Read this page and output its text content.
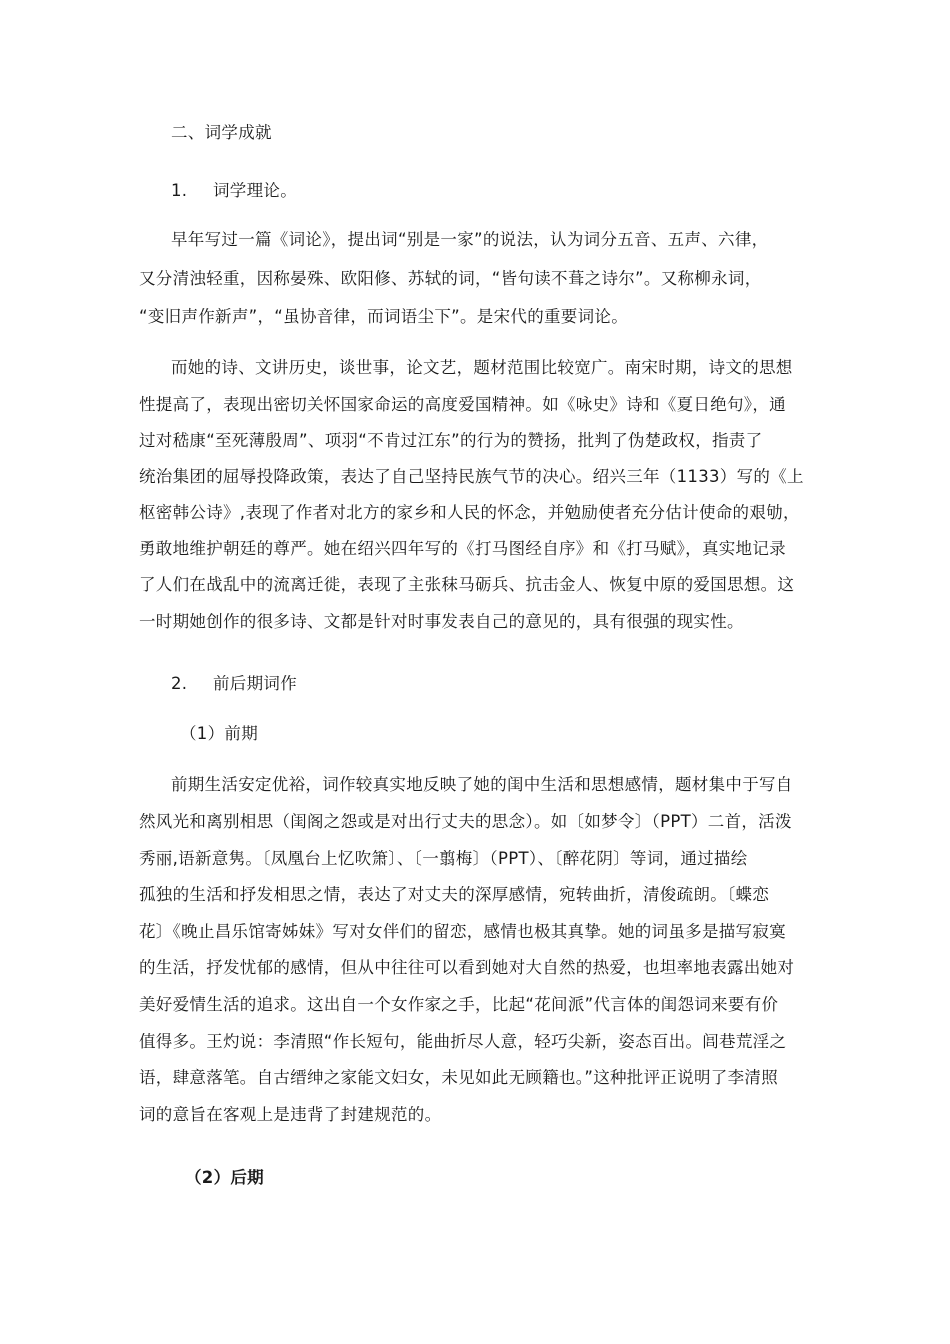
二、词学成就
1. 词学理论。
早年写过一篇《词论》，提出词“别是一家”的说法，认为词分五音、五声、六律，
又分清浊轻重，因称晏殊、欧阳修、苏轼的词，“皆句读不葺之诗尔”。又称柳永词，
“变旧声作新声”，“虽协音律，而词语尘下”。是宋代的重要词论。
而她的诗、文讲历史，谈世事，论文艺，题材范围比较宽广。南宋时期，诗文的思想
性提高了，表现出密切关怀国家命运的高度爱国精神。如《咏史》诗和《夏日绝句》，通
过对嵇康“至死薄殷周”、项羽“不肯过江东”的行为的赞扬，批判了伪楚政权，指责了
统治集团的屈辱投降政策，表达了自己坚持民族气节的决心。绍兴三年（1133）写的《上
枢密韩公诗》,表现了作者对北方的家乡和人民的怀念，并勉励使者充分估计使命的艰劬，
勇敢地维护朝廷的尊严。她在绍兴四年写的《打马图经自序》和《打马赋》，真实地记录
了人们在战乱中的流离迁徙，表现了主张秣马砺兵、抗击金人、恢复中原的爱国思想。这
一时期她创作的很多诗、文都是针对时事发表自己的意见的，具有很强的现实性。
2. 前后期词作
（1）前期
前期生活安定优裕，词作较真实地反映了她的闺中生活和思想感情，题材集中于写自
然风光和离别相思（闺阁之怨或是对出行丈夫的思念）。如〔如梦令〕（PPT）二首，活泼
秀丽,语新意隽。〔凤凰台上忆吹箫〕、〔一翦梅〕（PPT）、〔醉花阴〕等词，通过描绘
孤独的生活和抒发相思之情，表达了对丈夫的深厚感情，宛转曲折，清俊疏朗。〔蝶恋
花〕《晚止昌乐馆寄姊妹》写对女伴们的留恋，感情也极其真挚。她的词虽多是描写寂寞
的生活，抒发忧郁的感情，但从中往往可以看到她对大自然的热爱，也坦率地表露出她对
美好爱情生活的追求。这出自一个女作家之手，比起“花间派”代言体的闺怨词来要有价
值得多。王灼说：李清照“作长短句，能曲折尽人意，轻巧尖新，姿态百出。闾巷荒淫之
语，肆意落笔。自古缙绅之家能文妇女，未见如此无顾籍也。”这种批评正说明了李清照
词的意旨在客观上是违背了封建规范的。
（2）后期
